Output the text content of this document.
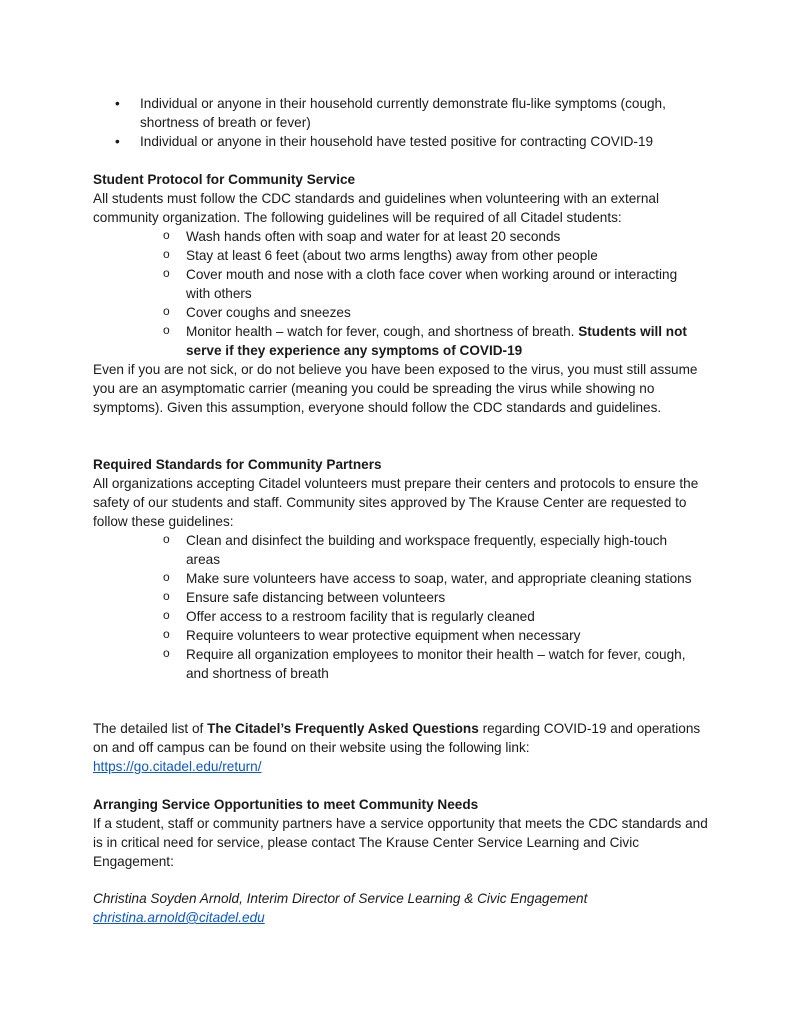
• Individual or anyone in their household currently demonstrate flu-like symptoms (cough, shortness of breath or fever)
• Individual or anyone in their household have tested positive for contracting COVID-19

Student Protocol for Community Service

All students must follow the CDC standards and guidelines when volunteering with an external community organization. The following guidelines will be required of all Citadel students:

o Wash hands often with soap and water for at least 20 seconds
o Stay at least 6 feet (about two arms lengths) away from other people
o Cover mouth and nose with a cloth face cover when working around or interacting with others
o Cover coughs and sneezes
o Monitor health – watch for fever, cough, and shortness of breath. Students will not serve if they experience any symptoms of COVID-19

Even if you are not sick, or do not believe you have been exposed to the virus, you must still assume you are an asymptomatic carrier (meaning you could be spreading the virus while showing no symptoms). Given this assumption, everyone should follow the CDC standards and guidelines.

Required Standards for Community Partners

All organizations accepting Citadel volunteers must prepare their centers and protocols to ensure the safety of our students and staff. Community sites approved by The Krause Center are requested to follow these guidelines:

o Clean and disinfect the building and workspace frequently, especially high-touch areas
o Make sure volunteers have access to soap, water, and appropriate cleaning stations
o Ensure safe distancing between volunteers
o Offer access to a restroom facility that is regularly cleaned
o Require volunteers to wear protective equipment when necessary
o Require all organization employees to monitor their health – watch for fever, cough, and shortness of breath

The detailed list of The Citadel’s Frequently Asked Questions regarding COVID-19 and operations on and off campus can be found on their website using the following link:

https://go.citadel.edu/return/

Arranging Service Opportunities to meet Community Needs

If a student, staff or community partners have a service opportunity that meets the CDC standards and is in critical need for service, please contact The Krause Center Service Learning and Civic Engagement:

Christina Soyden Arnold, Interim Director of Service Learning & Civic Engagement

christina.arnold@citadel.edu
